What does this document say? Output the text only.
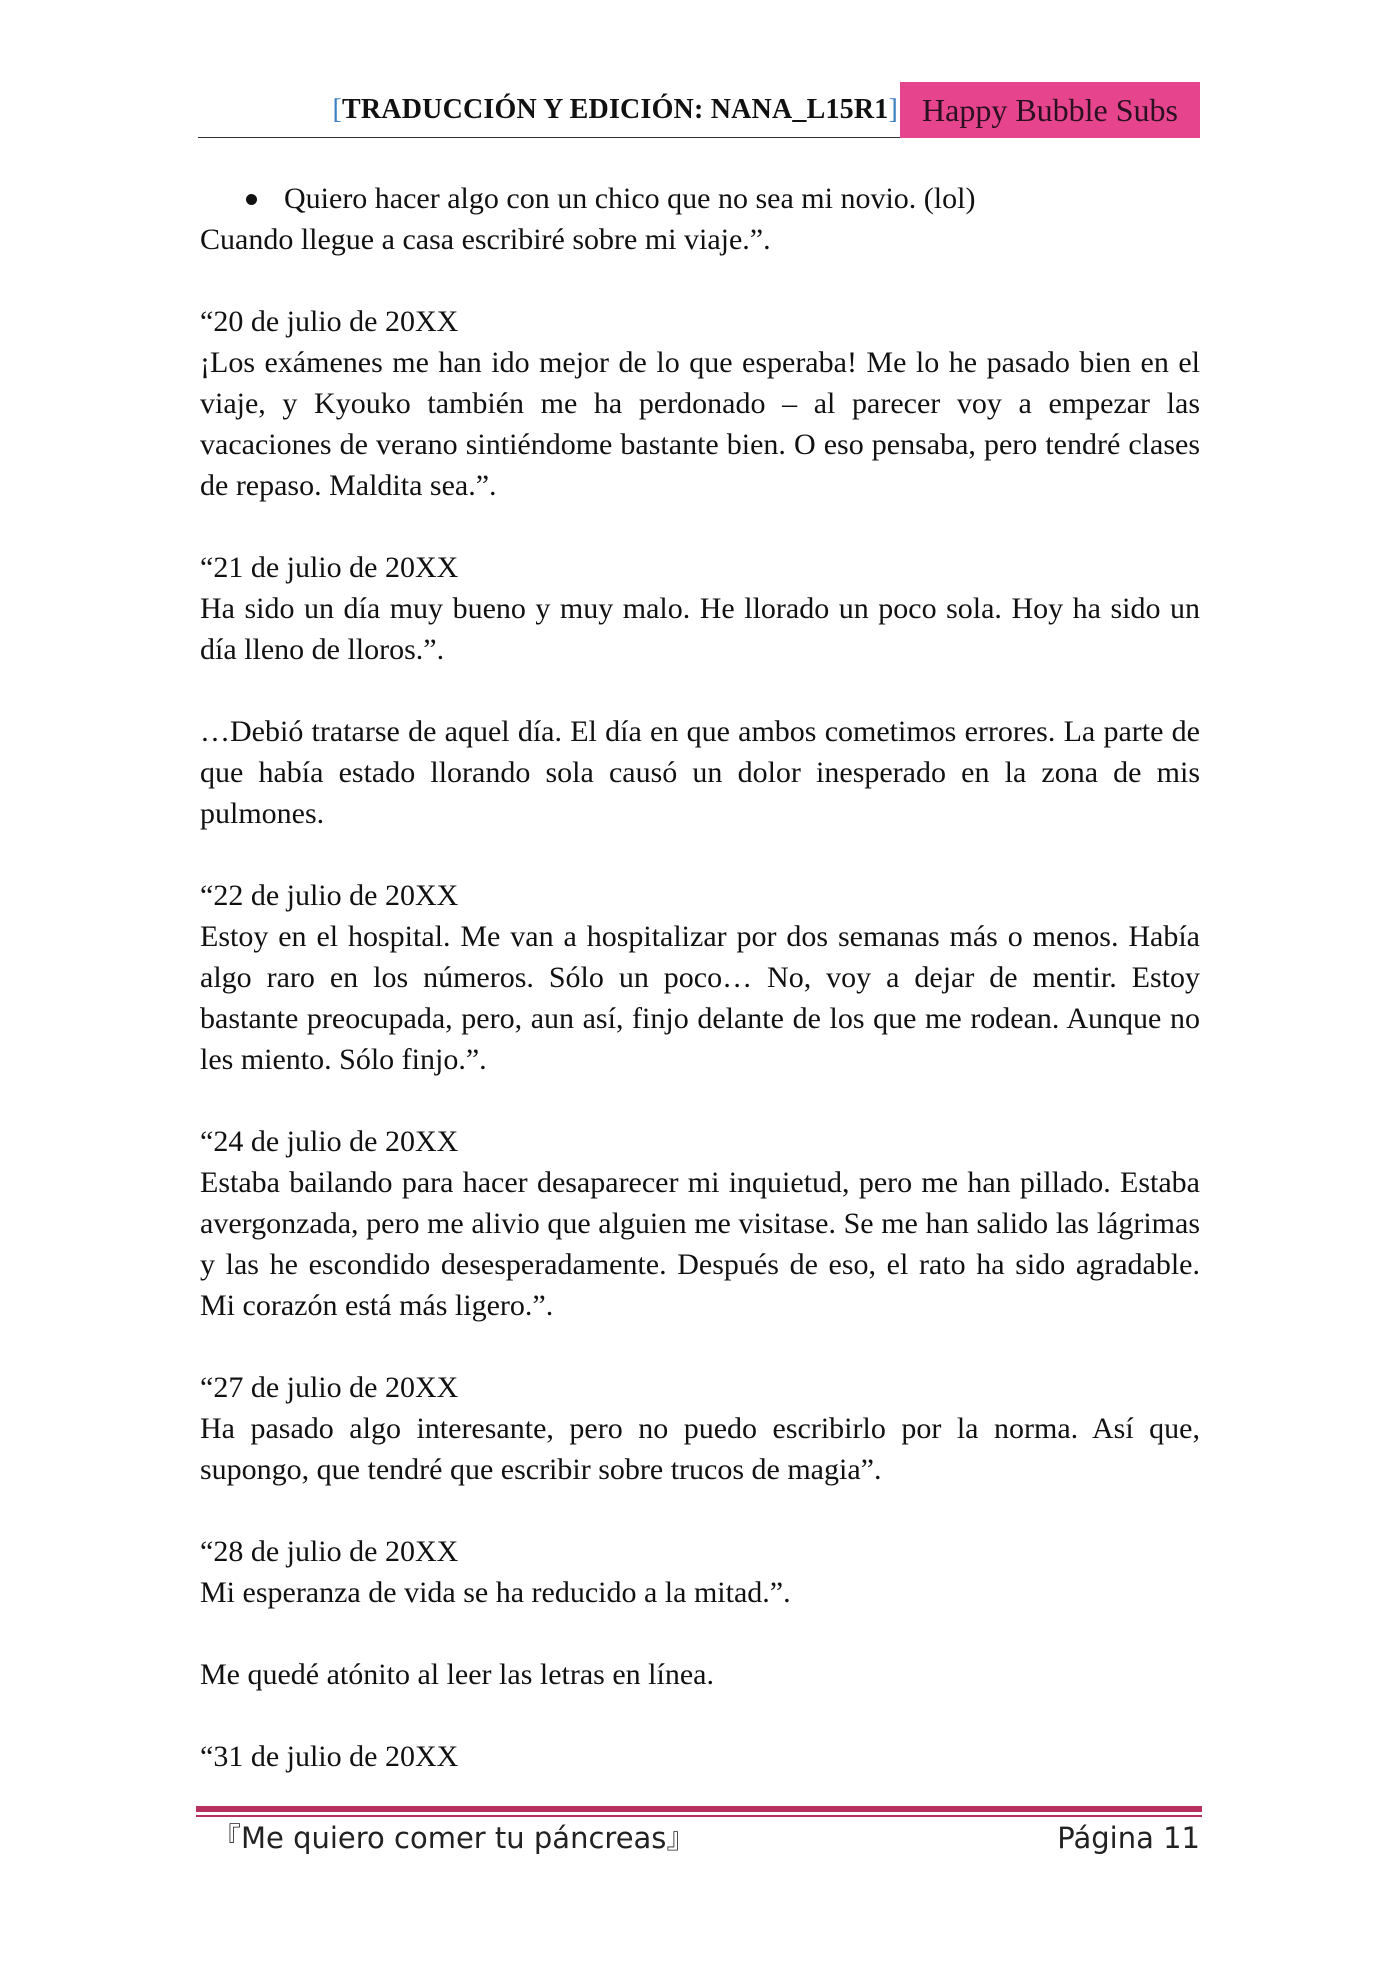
[TRADUCCIÓN Y EDICIÓN: NANA_L15R1] Happy Bubble Subs
Quiero hacer algo con un chico que no sea mi novio. (lol)

Cuando llegue a casa escribiré sobre mi viaje.”.

“20 de julio de 20XX

¡Los exámenes me han ido mejor de lo que esperaba! Me lo he pasado bien en el viaje, y Kyouko también me ha perdonado – al parecer voy a empezar las vacaciones de verano sintiéndome bastante bien. O eso pensaba, pero tendré clases de repaso. Maldita sea.”.

“21 de julio de 20XX

Ha sido un día muy bueno y muy malo. He llorado un poco sola. Hoy ha sido un día lleno de lloros.”.

…Debió tratarse de aquel día. El día en que ambos cometimos errores. La parte de que había estado llorando sola causó un dolor inesperado en la zona de mis pulmones.

“22 de julio de 20XX

Estoy en el hospital. Me van a hospitalizar por dos semanas más o menos. Había algo raro en los números. Sólo un poco… No, voy a dejar de mentir. Estoy bastante preocupada, pero, aun así, finjo delante de los que me rodean. Aunque no les miento. Sólo finjo.”.

“24 de julio de 20XX

Estaba bailando para hacer desaparecer mi inquietud, pero me han pillado. Estaba avergonzada, pero me alivio que alguien me visitase. Se me han salido las lágrimas y las he escondido desesperadamente. Después de eso, el rato ha sido agradable. Mi corazón está más ligero.”.

“27 de julio de 20XX

Ha pasado algo interesante, pero no puedo escribirlo por la norma. Así que, supongo, que tendré que escribir sobre trucos de magia”.

“28 de julio de 20XX

Mi esperanza de vida se ha reducido a la mitad.”.

Me quedé atónito al leer las letras en línea.

“31 de julio de 20XX

『Me quiero comer tu páncreas』	Página 11
